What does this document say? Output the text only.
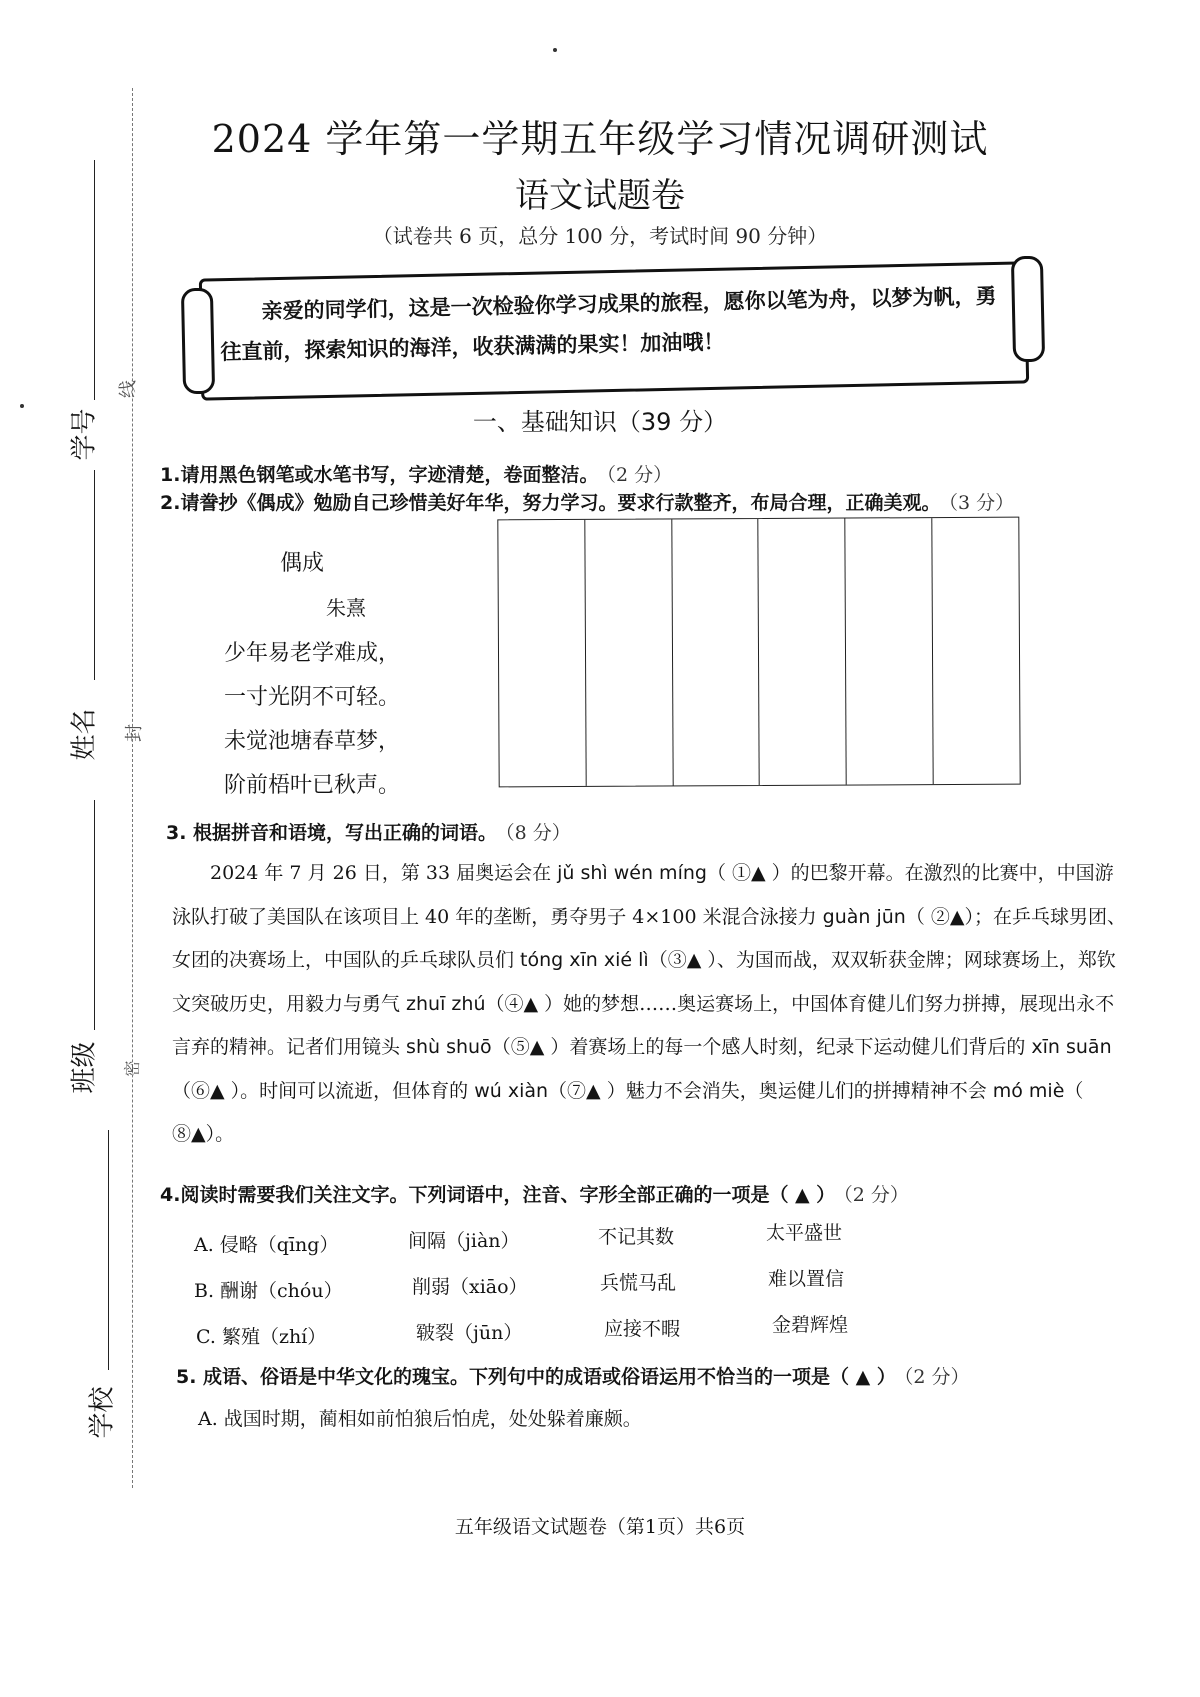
学号
姓名
班级
学校
线
封
密
2024 学年第一学期五年级学习情况调研测试
语文试题卷
（试卷共 6 页，总分 100 分，考试时间 90 分钟）
亲爱的同学们，这是一次检验你学习成果的旅程，愿你以笔为舟，以梦为帆，勇往直前，探索知识的海洋，收获满满的果实！加油哦！
一、基础知识（39 分）
1.请用黑色钢笔或水笔书写，字迹清楚，卷面整洁。 （2 分）
2.请誊抄《偶成》勉励自己珍惜美好年华，努力学习。要求行款整齐，布局合理，正确美观。 （3 分）
偶成
朱熹
少年易老学难成，
一寸光阴不可轻。
未觉池塘春草梦，
阶前梧叶已秋声。
3. 根据拼音和语境，写出正确的词语。 （8 分）
2024 年 7 月 26 日，第 33 届奥运会在 jǔ shì wén míng（ ①▲ ）的巴黎开幕。在激烈的比赛中，中国游泳队打破了美国队在该项目上 40 年的垄断，勇夺男子 4×100 米混合泳接力 guàn jūn（ ②▲）；在乒乓球男团、女团的决赛场上，中国队的乒乓球队员们 tóng xīn xié lì（③▲ ）、为国而战，双双斩获金牌；网球赛场上，郑钦文突破历史，用毅力与勇气 zhuī zhú（④▲ ）她的梦想……奥运赛场上，中国体育健儿们努力拼搏，展现出永不言弃的精神。记者们用镜头 shù shuō（⑤▲ ）着赛场上的每一个感人时刻，纪录下运动健儿们背后的 xīn suān（⑥▲ ）。时间可以流逝，但体育的 wú xiàn（⑦▲ ）魅力不会消失，奥运健儿们的拼搏精神不会 mó miè（ ⑧▲）。
4.阅读时需要我们关注文字。下列词语中，注音、字形全部正确的一项是（ ▲ ） （2 分）
A. 侵略（qīng）	间隔（jiàn）	不记其数	太平盛世
B. 酬谢（chóu）	削弱（xiāo）	兵慌马乱	难以置信
C. 繁殖（zhí）	皲裂（jūn）	应接不暇	金碧辉煌
5. 成语、俗语是中华文化的瑰宝。下列句中的成语或俗语运用不恰当的一项是（ ▲ ） （2 分）
A. 战国时期，蔺相如前怕狼后怕虎，处处躲着廉颇。
五年级语文试题卷（第1页）共6页
